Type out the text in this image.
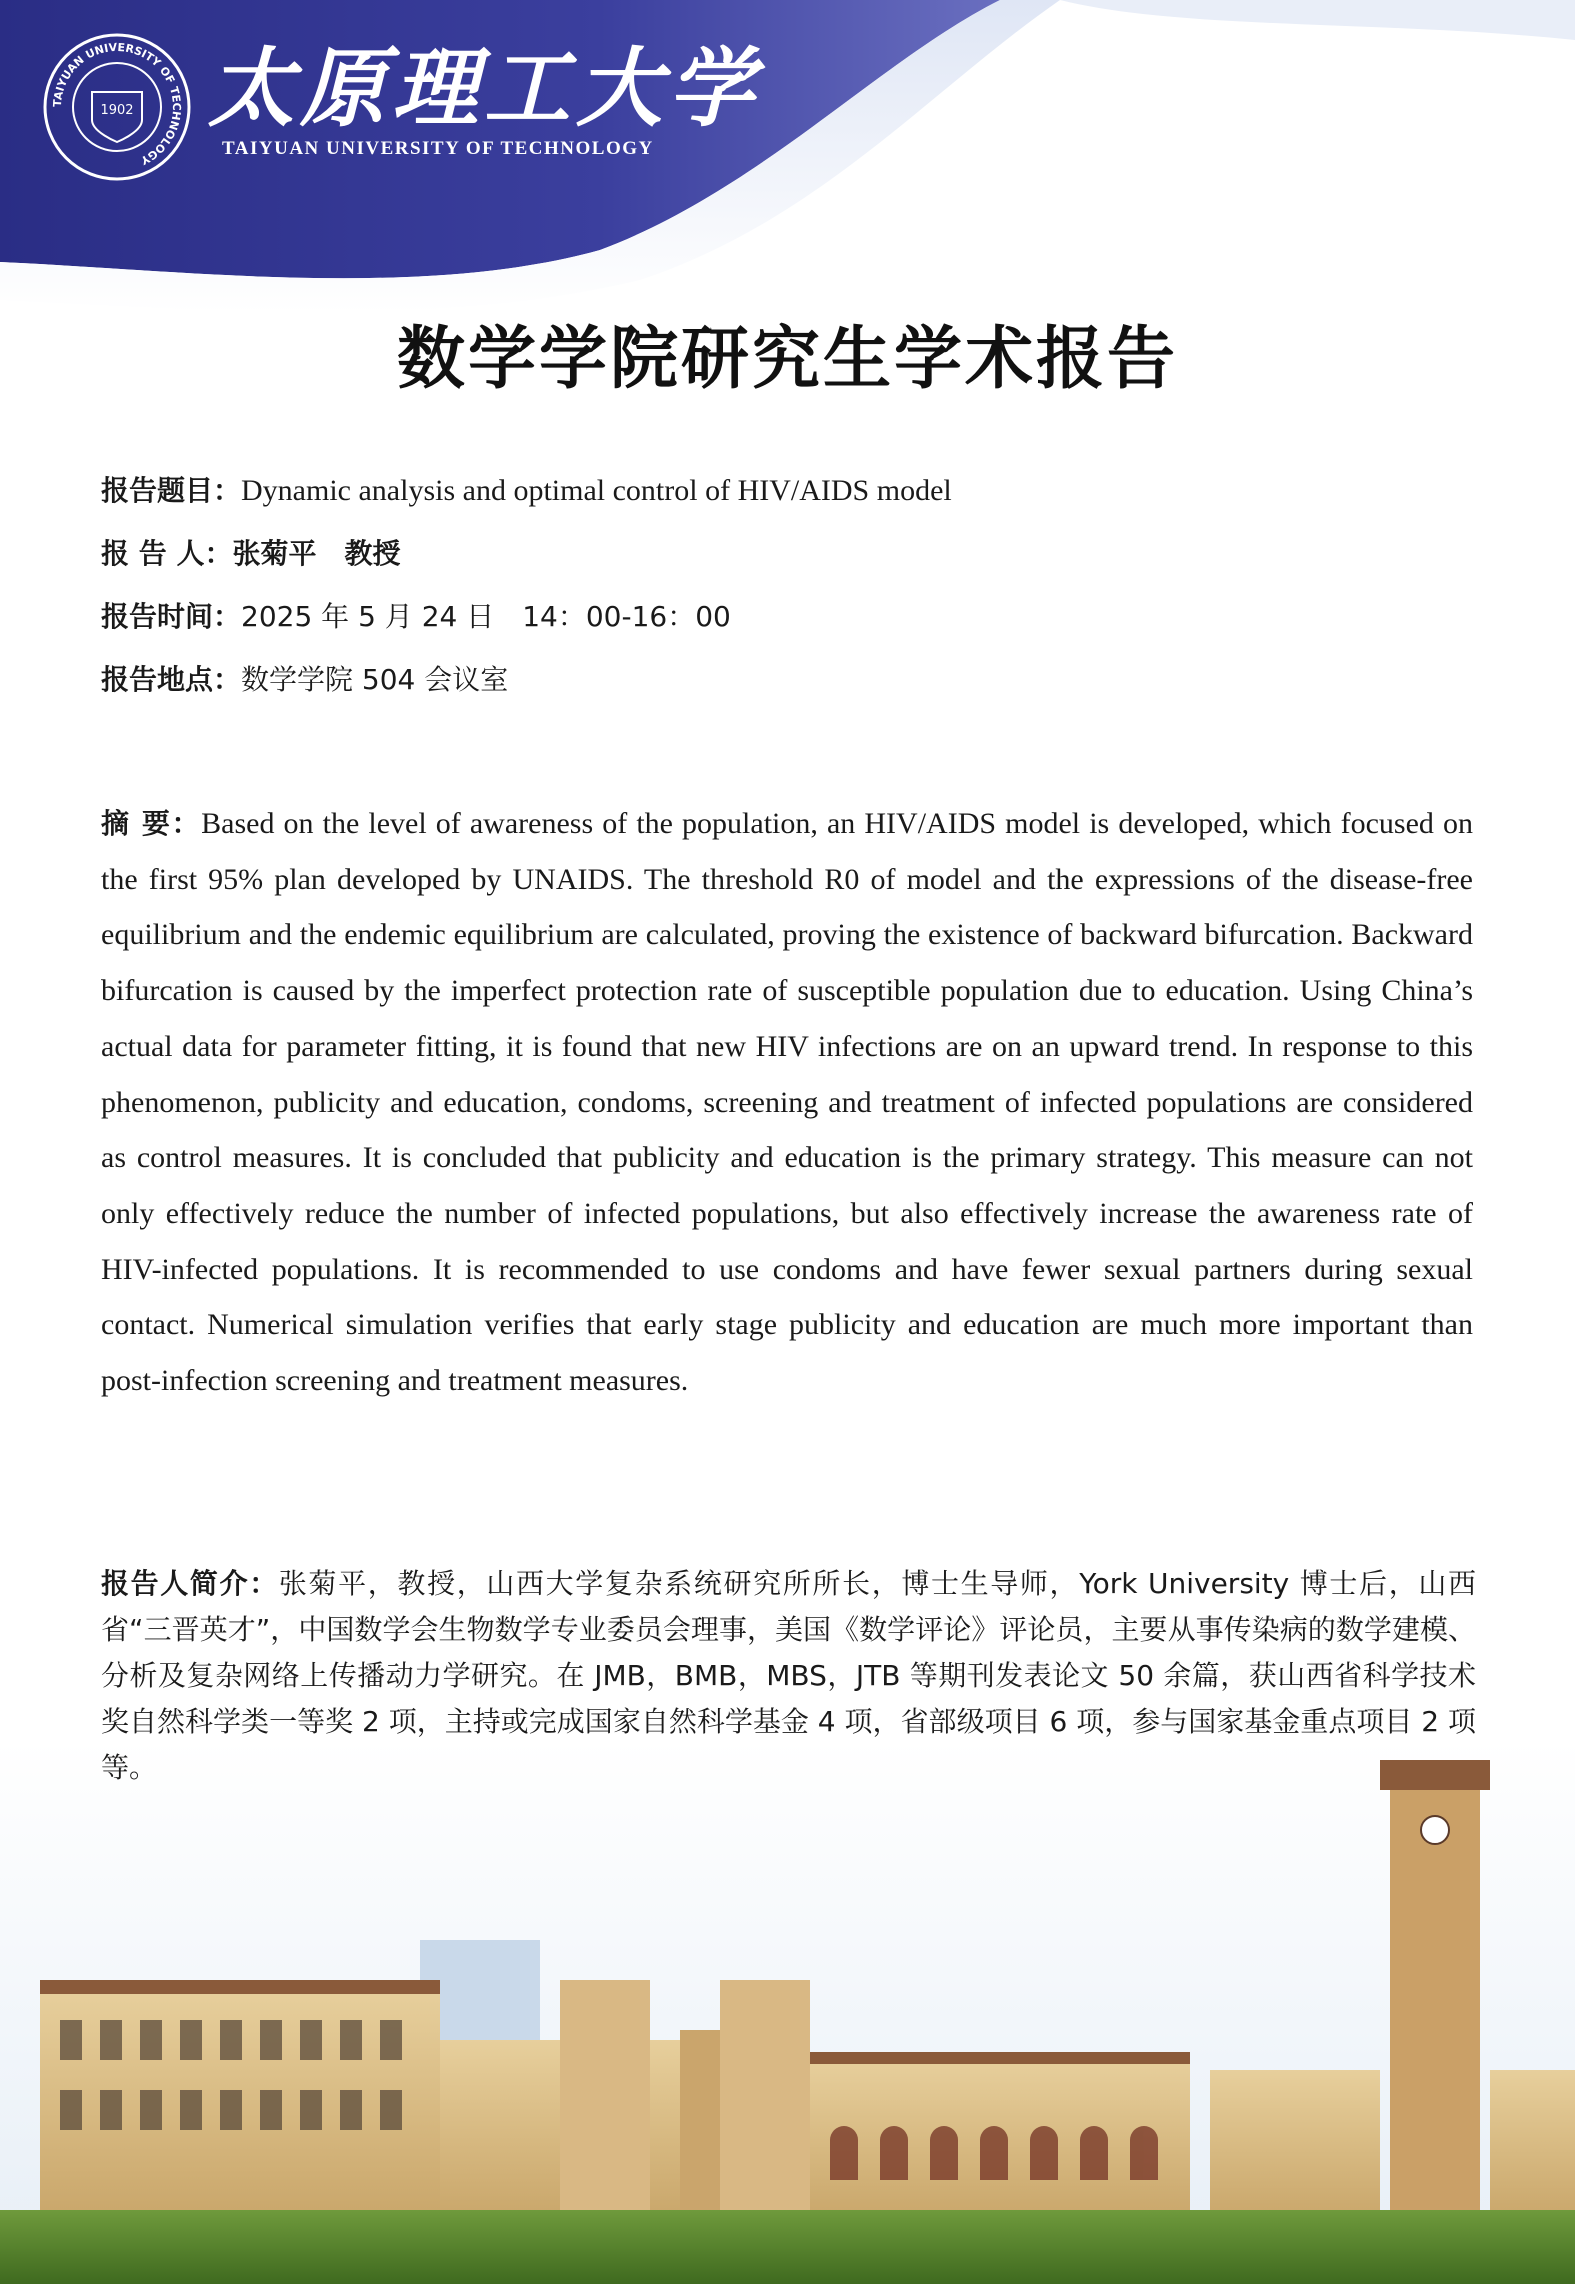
TAIYUAN UNIVERSITY OF TECHNOLOGY
1902 太原理工大学
TAIYUAN UNIVERSITY OF TECHNOLOGY
数学学院研究生学术报告
报告题目：Dynamic analysis and optimal control of HIV/AIDS model
报 告 人：张菊平　教授
报告时间：2025 年 5 月 24 日　14：00-16：00
报告地点：数学学院 504 会议室

摘 要：Based on the level of awareness of the population, an HIV/AIDS model is developed, which focused on the first 95% plan developed by UNAIDS. The threshold R0 of model and the expressions of the disease-free equilibrium and the endemic equilibrium are calculated, proving the existence of backward bifurcation. Backward bifurcation is caused by the imperfect protection rate of susceptible population due to education. Using China’s actual data for parameter fitting, it is found that new HIV infections are on an upward trend. In response to this phenomenon, publicity and education, condoms, screening and treatment of infected populations are considered as control measures. It is concluded that publicity and education is the primary strategy. This measure can not only effectively reduce the number of infected populations, but also effectively increase the awareness rate of HIV-infected populations. It is recommended to use condoms and have fewer sexual partners during sexual contact. Numerical simulation verifies that early stage publicity and education are much more important than post-infection screening and treatment measures.

报告人简介：张菊平，教授，山西大学复杂系统研究所所长，博士生导师，York University 博士后，山西省“三晋英才”，中国数学会生物数学专业委员会理事，美国《数学评论》评论员，主要从事传染病的数学建模、分析及复杂网络上传播动力学研究。在 JMB，BMB，MBS，JTB 等期刊发表论文 50 余篇，获山西省科学技术奖自然科学类一等奖 2 项，主持或完成国家自然科学基金 4 项，省部级项目 6 项，参与国家基金重点项目 2 项等。
